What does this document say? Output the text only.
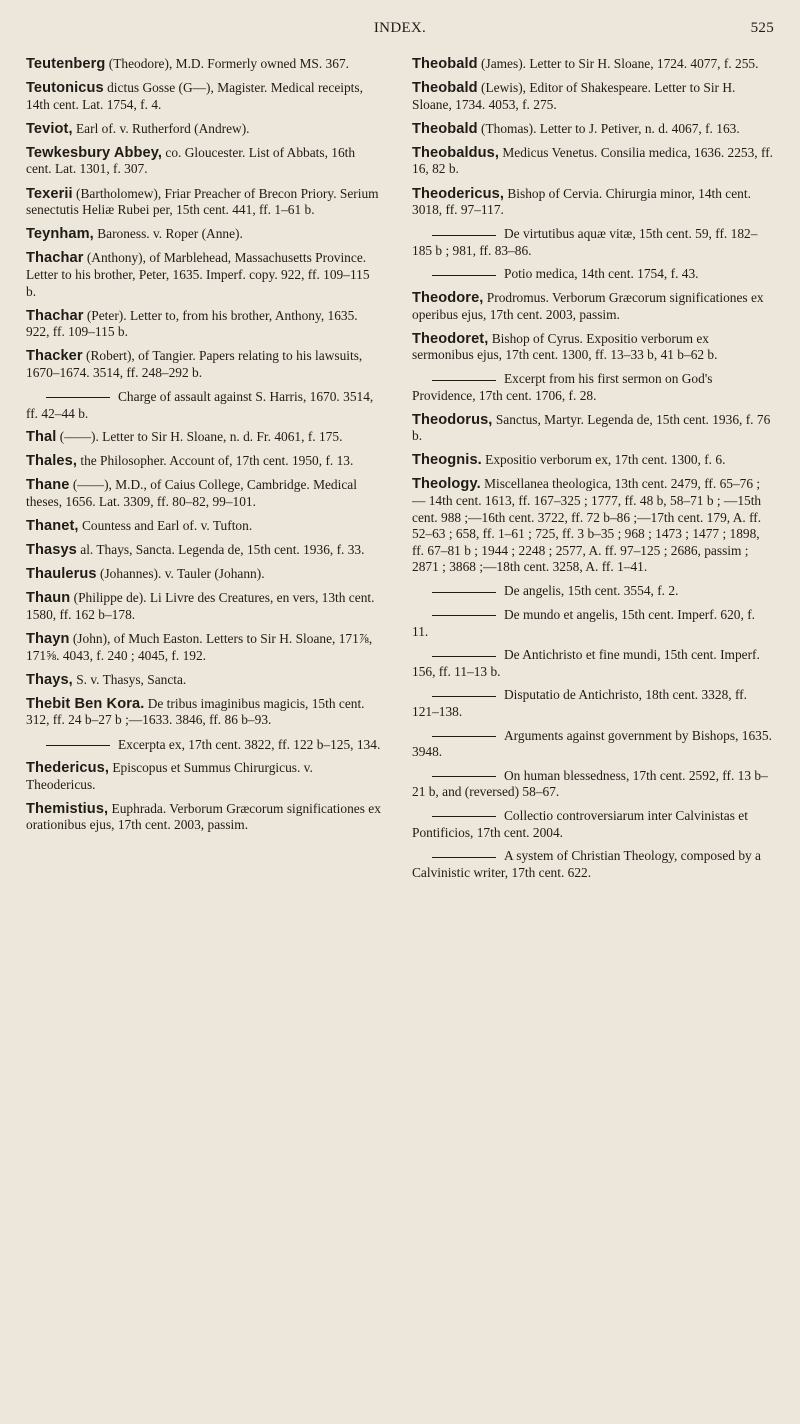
INDEX.	525
Teutenberg (Theodore), M.D. Formerly owned MS. 367.
Teutonicus dictus Gosse (G—), Magister. Medical receipts, 14th cent. Lat. 1754, f. 4.
Teviot, Earl of. v. Rutherford (Andrew).
Tewkesbury Abbey, co. Gloucester. List of Abbats, 16th cent. Lat. 1301, f. 307.
Texerii (Bartholomew), Friar Preacher of Brecon Priory. Serium senectutis Heliæ Rubei per, 15th cent. 441, ff. 1–61 b.
Teynham, Baroness. v. Roper (Anne).
Thachar (Anthony), of Marblehead, Massachusetts Province. Letter to his brother, Peter, 1635. Imperf. copy. 922, ff. 109–115 b.
Thachar (Peter). Letter to, from his brother, Anthony, 1635. 922, ff. 109–115 b.
Thacker (Robert), of Tangier. Papers relating to his lawsuits, 1670–1674. 3514, ff. 248–292 b.
Charge of assault against S. Harris, 1670. 3514, ff. 42–44 b.
Thal (——). Letter to Sir H. Sloane, n. d. Fr. 4061, f. 175.
Thales, the Philosopher. Account of, 17th cent. 1950, f. 13.
Thane (——), M.D., of Caius College, Cambridge. Medical theses, 1656. Lat. 3309, ff. 80–82, 99–101.
Thanet, Countess and Earl of. v. Tufton.
Thasys al. Thays, Sancta. Legenda de, 15th cent. 1936, f. 33.
Thaulerus (Johannes). v. Tauler (Johann).
Thaun (Philippe de). Li Livre des Creatures, en vers, 13th cent. 1580, ff. 162 b–178.
Thayn (John), of Much Easton. Letters to Sir H. Sloane, 171⅞, 171⅝. 4043, f. 240 ; 4045, f. 192.
Thays, S. v. Thasys, Sancta.
Thebit Ben Kora. De tribus imaginibus magicis, 15th cent. 312, ff. 24 b–27 b ;—1633. 3846, ff. 86 b–93.
Excerpta ex, 17th cent. 3822, ff. 122 b–125, 134.
Thedericus, Episcopus et Summus Chirurgicus. v. Theodericus.
Themistius, Euphrada. Verborum Græcorum significationes ex orationibus ejus, 17th cent. 2003, passim.
Theobald (James). Letter to Sir H. Sloane, 1724. 4077, f. 255.
Theobald (Lewis), Editor of Shakespeare. Letter to Sir H. Sloane, 1734. 4053, f. 275.
Theobald (Thomas). Letter to J. Petiver, n. d. 4067, f. 163.
Theobaldus, Medicus Venetus. Consilia medica, 1636. 2253, ff. 16, 82 b.
Theodericus, Bishop of Cervia. Chirurgia minor, 14th cent. 3018, ff. 97–117.
De virtutibus aquæ vitæ, 15th cent. 59, ff. 182–185 b ; 981, ff. 83–86.
Potio medica, 14th cent. 1754, f. 43.
Theodore, Prodromus. Verborum Græcorum significationes ex operibus ejus, 17th cent. 2003, passim.
Theodoret, Bishop of Cyrus. Expositio verborum ex sermonibus ejus, 17th cent. 1300, ff. 13–33 b, 41 b–62 b.
Excerpt from his first sermon on God's Providence, 17th cent. 1706, f. 28.
Theodorus, Sanctus, Martyr. Legenda de, 15th cent. 1936, f. 76 b.
Theognis. Expositio verborum ex, 17th cent. 1300, f. 6.
Theology. Miscellanea theologica, 13th cent. 2479, ff. 65–76 ; — 14th cent. 1613, ff. 167–325 ; 1777, ff. 48 b, 58–71 b ; —15th cent. 988 ;—16th cent. 3722, ff. 72 b–86 ;—17th cent. 179, A. ff. 52–63 ; 658, ff. 1–61 ; 725, ff. 3 b–35 ; 968 ; 1473 ; 1477 ; 1898, ff. 67–81 b ; 1944 ; 2248 ; 2577, A. ff. 97–125 ; 2686, passim ; 2871 ; 3868 ;—18th cent. 3258, A. ff. 1–41.
De angelis, 15th cent. 3554, f. 2.
De mundo et angelis, 15th cent. Imperf. 620, f. 11.
De Antichristo et fine mundi, 15th cent. Imperf. 156, ff. 11–13 b.
Disputatio de Antichristo, 18th cent. 3328, ff. 121–138.
Arguments against government by Bishops, 1635. 3948.
On human blessedness, 17th cent. 2592, ff. 13 b–21 b, and (reversed) 58–67.
Collectio controversiarum inter Calvinistas et Pontificios, 17th cent. 2004.
A system of Christian Theology, composed by a Calvinistic writer, 17th cent. 622.
